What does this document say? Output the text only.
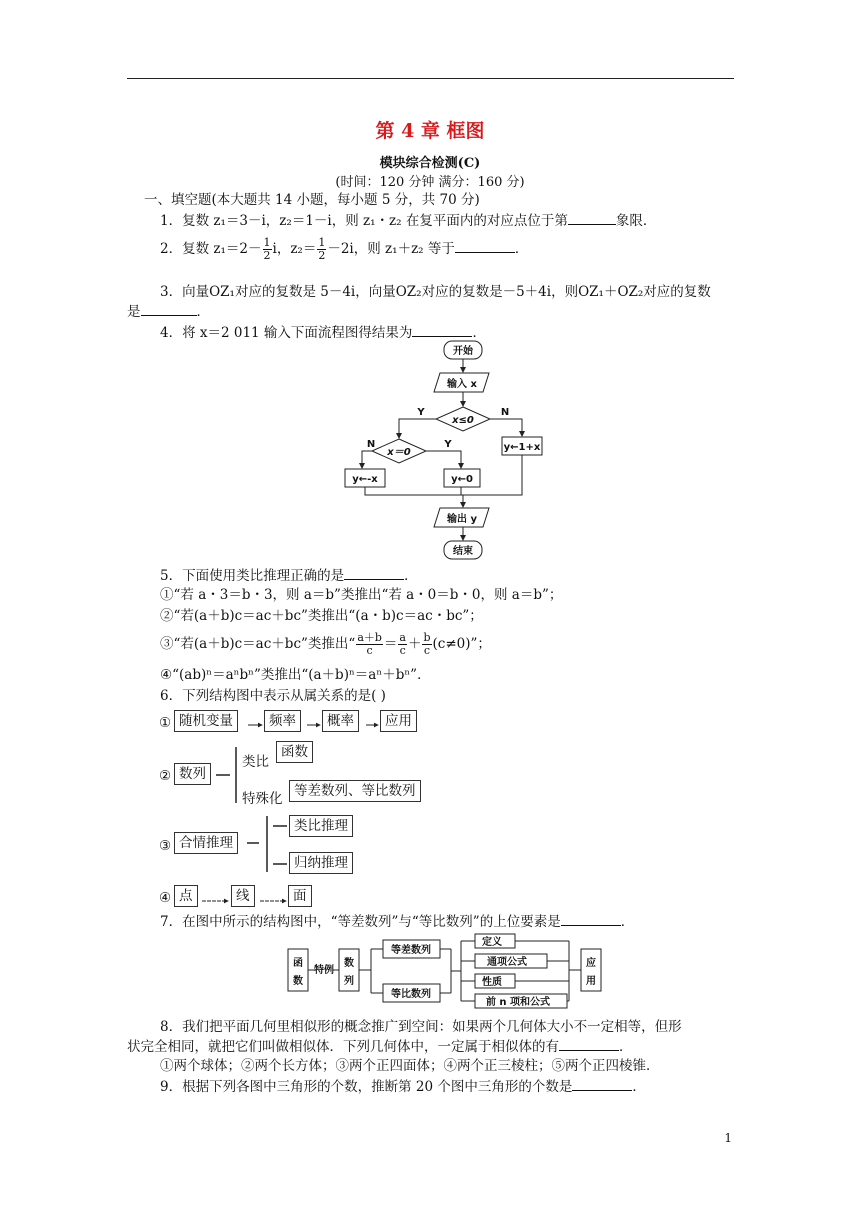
第 4 章 框图
模块综合检测(C)
(时间：120 分钟 满分：160 分)
一、填空题(本大题共 14 小题，每小题 5 分，共 70 分)
1．复数 z₁＝3－i，z₂＝1－i，则 z₁・z₂ 在复平面内的对应点位于第	象限．
2．复数 $z_1=2- \frac{1}{2}$ i，$z_2= \frac{1}{2} -2i$，则 z₁＋z₂ 等于	．
3．向量OZ₁对应的复数是 5－4i，向量OZ₂对应的复数是－5＋4i，则OZ₁＋OZ₂对应的复数
是	．
4．将 x＝2 011 输入下面流程图得结果为	．
开始
输入 x
x≤0
x＝0	y←1+x
y←-x	y←0
输出 y
结束
Y	N
N	Y
5．下面使用类比推理正确的是	．
①“若 a・3＝b・3，则 a＝b”类推出“若 a・0＝b・0，则 a＝b”；
②“若(a＋b)c＝ac＋bc”类推出“(a・b)c＝ac・bc”；
③“若(a＋b)c＝ac＋bc”类推出“ $\frac{a+b}{c} = \frac{a}{c} + \frac{b}{c} (c\ne 0)$”；
④“(ab)ⁿ＝aⁿbⁿ”类推出“(a＋b)ⁿ＝aⁿ＋bⁿ”．
6．下列结构图中表示从属关系的是( )
① 随机变量	频率	概率	应用
② 数列
类比
函数
特殊化 等差数列、等比数列
③ 合情推理
类比推理
归纳推理
④ 点	线	面
7．在图中所示的结构图中，“等差数列”与“等比数列”的上位要素是	．
函
数
特例
数
列
等差数列
等比数列
定义
通项公式
性质
前 n 项和公式
应
用
8．我们把平面几何里相似形的概念推广到空间：如果两个几何体大小不一定相等，但形
状完全相同，就把它们叫做相似体．下列几何体中，一定属于相似体的有	．
①两个球体；②两个长方体；③两个正四面体；④两个正三棱柱；⑤两个正四棱锥．
9．根据下列各图中三角形的个数，推断第 20 个图中三角形的个数是	．
1
